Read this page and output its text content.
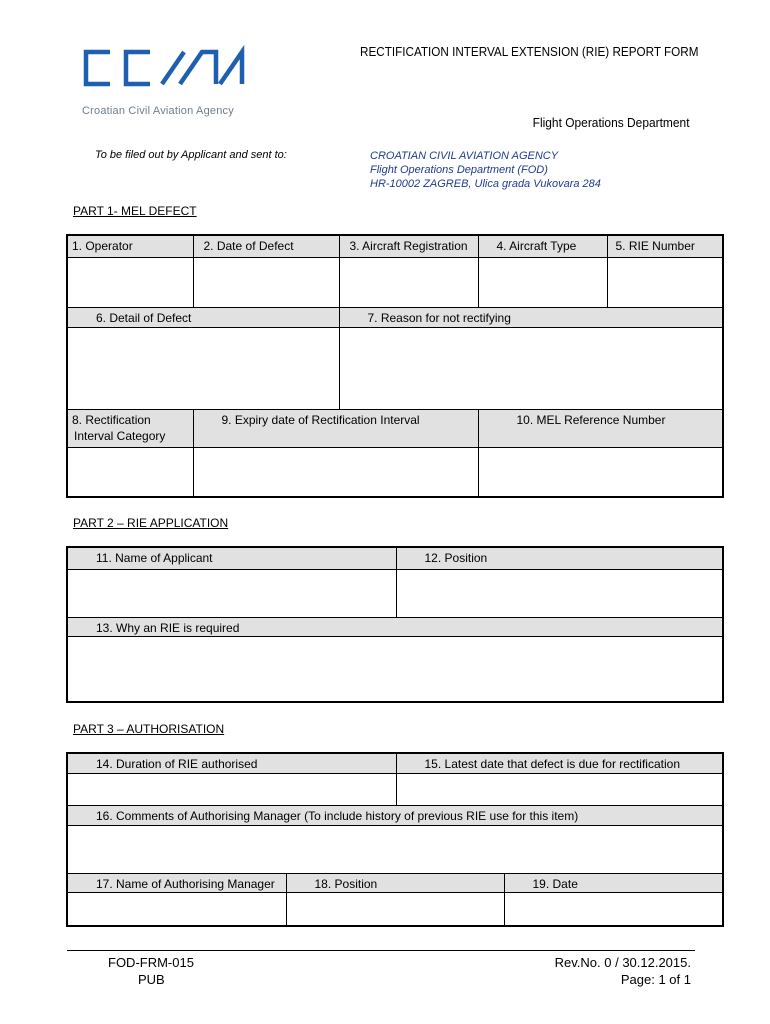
Croatian Civil Aviation Agency
RECTIFICATION INTERVAL EXTENSION (RIE) REPORT FORM
Flight Operations Department
To be filed out by Applicant and sent to:	CROATIAN CIVIL AVIATION AGENCY
Flight Operations Department (FOD)
HR-10002 ZAGREB, Ulica grada Vukovara 284
PART 1- MEL DEFECT
1. Operator	2. Date of Defect	3. Aircraft Registration	4. Aircraft Type	5. RIE Number

6. Detail of Defect		7. Reason for not rectifying		

8. Rectification
Interval Category	9. Expiry date of Rectification Interval		10. MEL Reference Number	

PART 2 – RIE APPLICATION
11. Name of Applicant	12. Position

13. Why an RIE is required	

PART 3 – AUTHORISATION
14. Duration of RIE authorised		15. Latest date that defect is due for rectification	

16. Comments of Authorising Manager (To include history of previous RIE use for this item)			

17. Name of Authorising Manager	18. Position		19. Date

FOD-FRM-015
PUB
Rev.No. 0 / 30.12.2015.
Page: 1 of 1
